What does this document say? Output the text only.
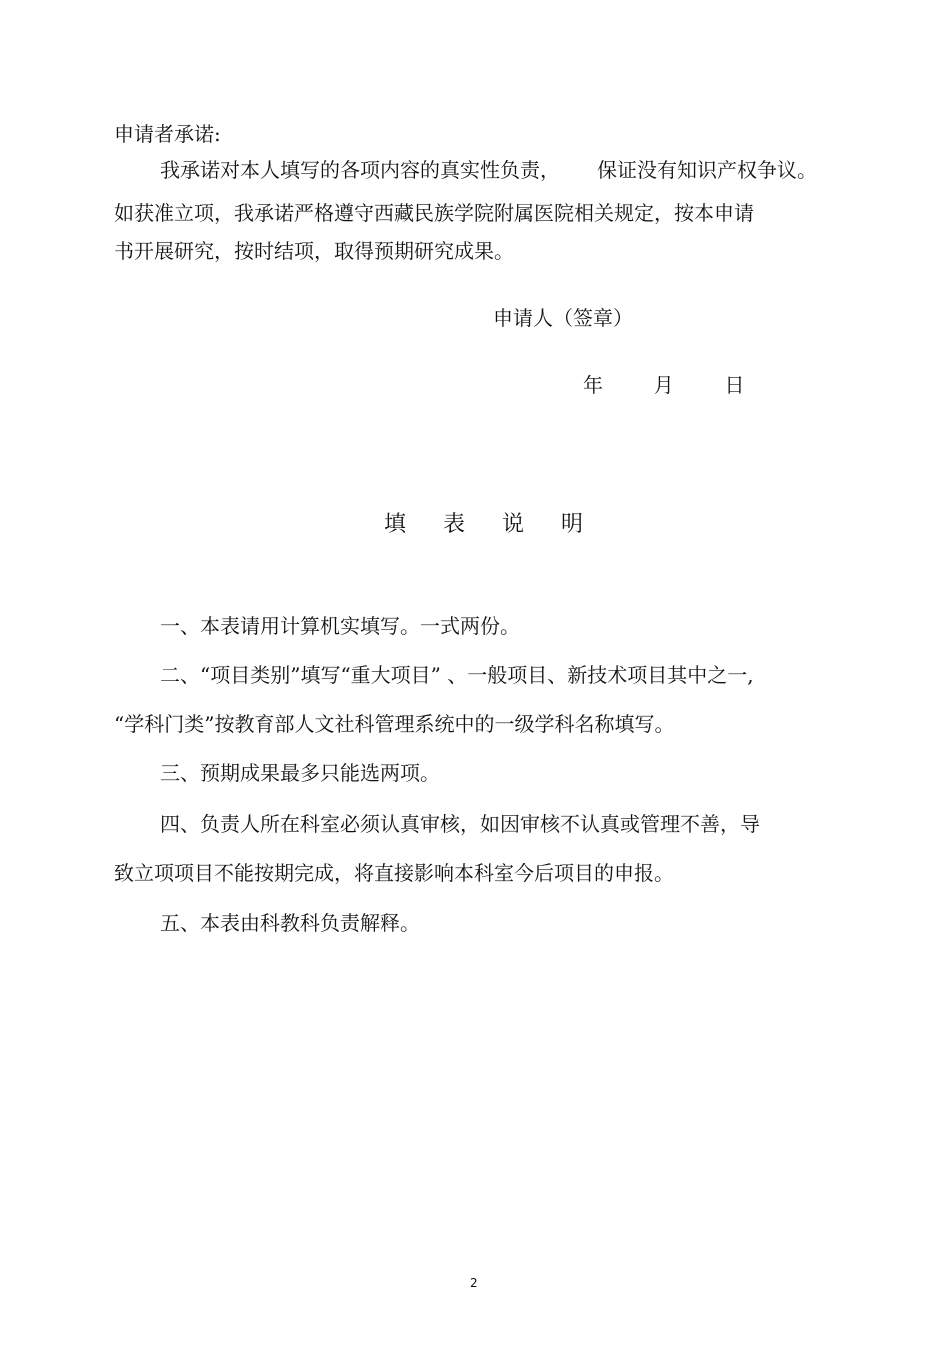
申请者承诺:
我承诺对本人填写的各项内容的真实性负责， 保证没有知识产权争议。
如获准立项，我承诺严格遵守西藏民族学院附属医院相关规定，按本申请
书开展研究，按时结项，取得预期研究成果。
申请人（签章）
年	月	日
填 表 说 明
一、本表请用计算机实填写。一式两份。
二、“项目类别”填写“重大项目” 、一般项目、新技术项目其中之一,
“学科门类”按教育部人文社科管理系统中的一级学科名称填写。
三、预期成果最多只能选两项。
四、负责人所在科室必须认真审核，如因审核不认真或管理不善，导
致立项项目不能按期完成，将直接影响本科室今后项目的申报。
五、本表由科教科负责解释。
2
